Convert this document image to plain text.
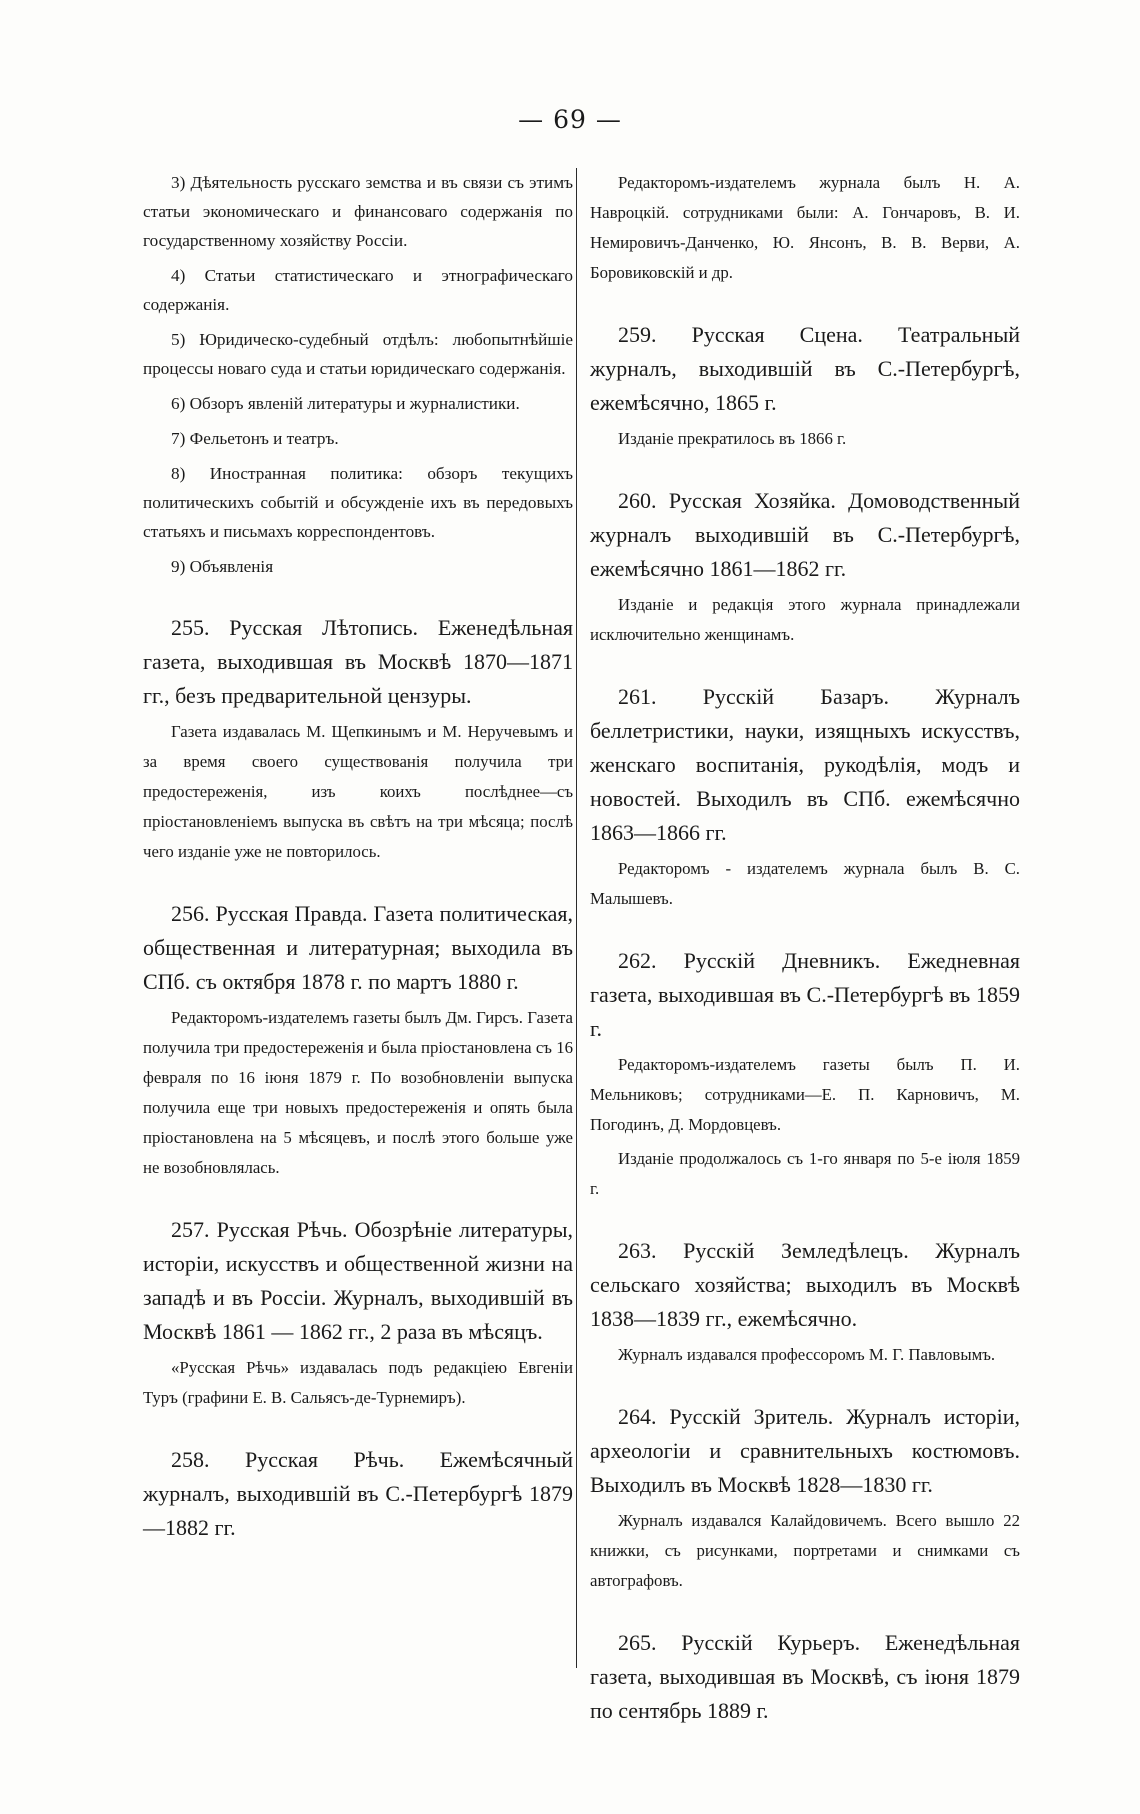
— 69 —

3) Дѣятельность русскаго земства и въ связи съ этимъ статьи экономическаго и финансоваго содержанія по государственному хозяйству Россіи.

4) Статьи статистическаго и этнографическаго содержанія.

5) Юридическо-судебный отдѣлъ: любопытнѣйшіе процессы новаго суда и статьи юридическаго содержанія.

6) Обзоръ явленій литературы и журналистики.

7) Фельетонъ и театръ.

8) Иностранная политика: обзоръ текущихъ политическихъ событій и обсужденіе ихъ въ передовыхъ статьяхъ и письмахъ корреспондентовъ.

9) Объявленія

255. Русская Лѣтопись. Еженедѣльная газета, выходившая въ Москвѣ 1870—1871 гг., безъ предварительной цензуры.

Газета издавалась М. Щепкинымъ и М. Неручевымъ и за время своего существованія получила три предостереженія, изъ коихъ послѣднее—съ пріостановленіемъ выпуска въ свѣтъ на три мѣсяца; послѣ чего изданіе уже не повторилось.

256. Русская Правда. Газета политическая, общественная и литературная; выходила въ СПб. съ октября 1878 г. по мартъ 1880 г.

Редакторомъ-издателемъ газеты былъ Дм. Гирсъ. Газета получила три предостереженія и была пріостановлена съ 16 февраля по 16 іюня 1879 г. По возобновленіи выпуска получила еще три новыхъ предостереженія и опять была пріостановлена на 5 мѣсяцевъ, и послѣ этого больше уже не возобновлялась.

257. Русская Рѣчь. Обозрѣніе литературы, исторіи, искусствъ и общественной жизни на западѣ и въ Россіи. Журналъ, выходившій въ Москвѣ 1861 — 1862 гг., 2 раза въ мѣсяцъ.

«Русская Рѣчь» издавалась подъ редакціею Евгеніи Туръ (графини Е. В. Сальясъ-де-Турнемиръ).

258. Русская Рѣчь. Ежемѣсячный журналъ, выходившій въ С.-Петербургѣ 1879—1882 гг.

Редакторомъ-издателемъ журнала былъ Н. А. Навроцкій. сотрудниками были: А. Гончаровъ, В. И. Немировичъ-Данченко, Ю. Янсонъ, В. В. Верви, А. Боровиковскій и др.

259. Русская Сцена. Театральный журналъ, выходившій въ С.-Петербургѣ, ежемѣсячно, 1865 г.

Изданіе прекратилось въ 1866 г.

260. Русская Хозяйка. Домоводственный журналъ выходившій въ С.-Петербургѣ, ежемѣсячно 1861—1862 гг.

Изданіе и редакція этого журнала принадлежали исключительно женщинамъ.

261. Русскій Базаръ. Журналъ беллетристики, науки, изящныхъ искусствъ, женскаго воспитанія, рукодѣлія, модъ и новостей. Выходилъ въ СПб. ежемѣсячно 1863—1866 гг.

Редакторомъ - издателемъ журнала былъ В. С. Малышевъ.

262. Русскій Дневникъ. Ежедневная газета, выходившая въ С.-Петербургѣ въ 1859 г.

Редакторомъ-издателемъ газеты былъ П. И. Мельниковъ; сотрудниками—Е. П. Карновичъ, М. Погодинъ, Д. Мордовцевъ.

Изданіе продолжалось съ 1-го января по 5-е іюля 1859 г.

263. Русскій Земледѣлецъ. Журналъ сельскаго хозяйства; выходилъ въ Москвѣ 1838—1839 гг., ежемѣсячно.

Журналъ издавался профессоромъ М. Г. Павловымъ.

264. Русскій Зритель. Журналъ исторіи, археологіи и сравнительныхъ костюмовъ. Выходилъ въ Москвѣ 1828—1830 гг.

Журналъ издавался Калайдовичемъ. Всего вышло 22 книжки, съ рисунками, портретами и снимками съ автографовъ.

265. Русскій Курьеръ. Еженедѣльная газета, выходившая въ Москвѣ, съ іюня 1879 по сентябрь 1889 г.
